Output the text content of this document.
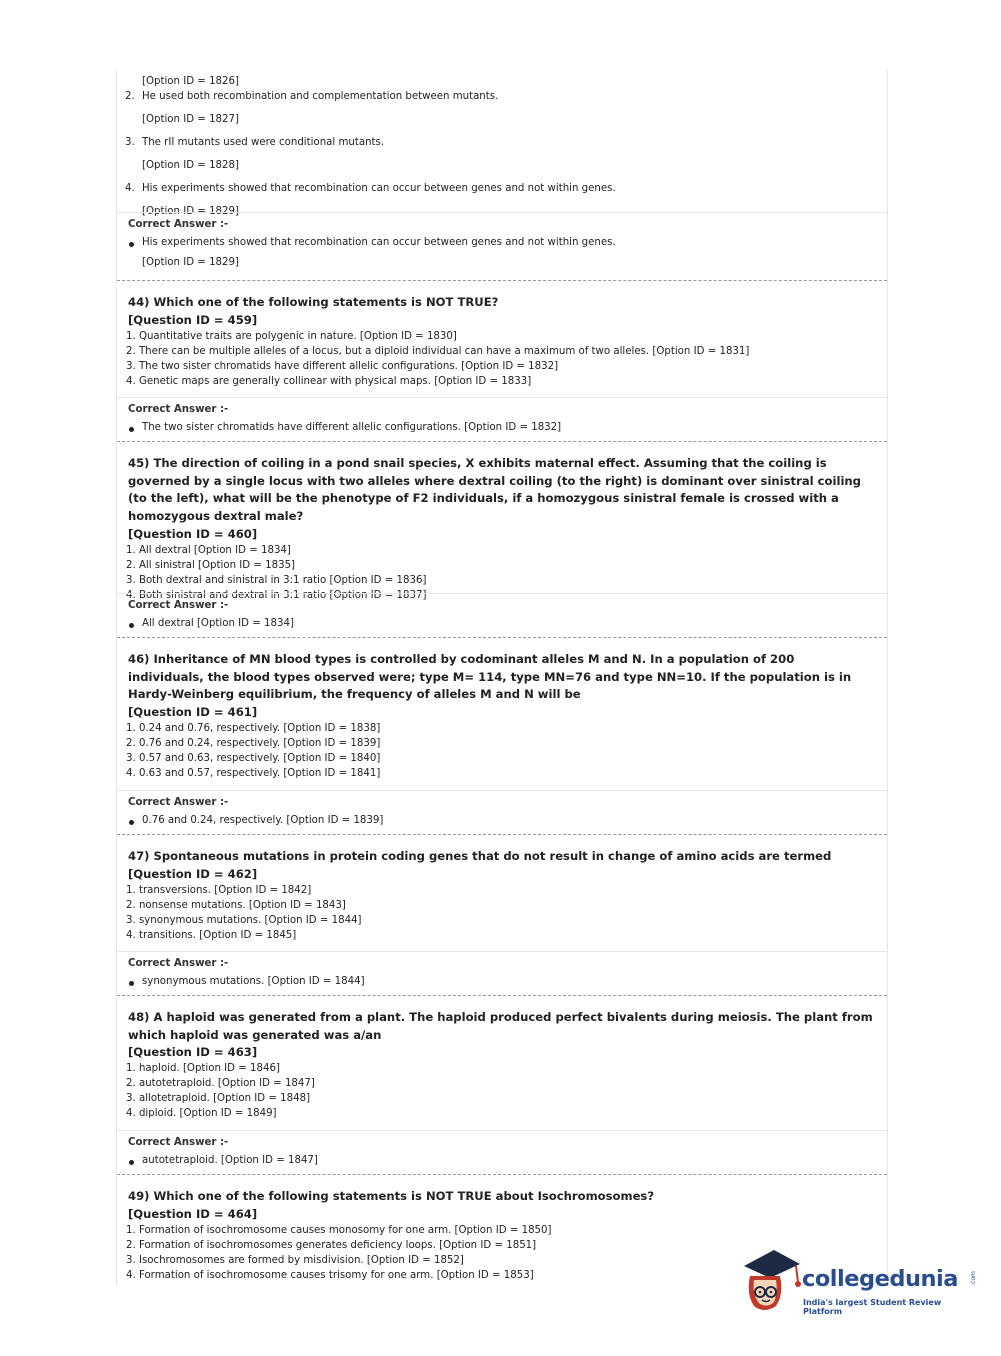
[Option ID = 1826]
2. He used both recombination and complementation between mutants.
[Option ID = 1827]
3. The rII mutants used were conditional mutants.
[Option ID = 1828]
4. His experiments showed that recombination can occur between genes and not within genes.
[Option ID = 1829]
Correct Answer :-
His experiments showed that recombination can occur between genes and not within genes.
[Option ID = 1829]
44) Which one of the following statements is NOT TRUE?
[Question ID = 459]
1. Quantitative traits are polygenic in nature. [Option ID = 1830]
2. There can be multiple alleles of a locus, but a diploid individual can have a maximum of two alleles. [Option ID = 1831]
3. The two sister chromatids have different allelic configurations. [Option ID = 1832]
4. Genetic maps are generally collinear with physical maps. [Option ID = 1833]
Correct Answer :-
The two sister chromatids have different allelic configurations. [Option ID = 1832]
45) The direction of coiling in a pond snail species, X exhibits maternal effect. Assuming that the coiling is governed by a single locus with two alleles where dextral coiling (to the right) is dominant over sinistral coiling (to the left), what will be the phenotype of F2 individuals, if a homozygous sinistral female is crossed with a homozygous dextral male?
[Question ID = 460]
1. All dextral [Option ID = 1834]
2. All sinistral [Option ID = 1835]
3. Both dextral and sinistral in 3:1 ratio [Option ID = 1836]
4. Both sinistral and dextral in 3:1 ratio [Option ID = 1837]
Correct Answer :-
All dextral [Option ID = 1834]
46) Inheritance of MN blood types is controlled by codominant alleles M and N. In a population of 200 individuals, the blood types observed were; type M= 114, type MN=76 and type NN=10. If the population is in Hardy-Weinberg equilibrium, the frequency of alleles M and N will be
[Question ID = 461]
1. 0.24 and 0.76, respectively. [Option ID = 1838]
2. 0.76 and 0.24, respectively. [Option ID = 1839]
3. 0.57 and 0.63, respectively. [Option ID = 1840]
4. 0.63 and 0.57, respectively. [Option ID = 1841]
Correct Answer :-
0.76 and 0.24, respectively. [Option ID = 1839]
47) Spontaneous mutations in protein coding genes that do not result in change of amino acids are termed
[Question ID = 462]
1. transversions. [Option ID = 1842]
2. nonsense mutations. [Option ID = 1843]
3. synonymous mutations. [Option ID = 1844]
4. transitions. [Option ID = 1845]
Correct Answer :-
synonymous mutations. [Option ID = 1844]
48) A haploid was generated from a plant. The haploid produced perfect bivalents during meiosis. The plant from which haploid was generated was a/an
[Question ID = 463]
1. haploid. [Option ID = 1846]
2. autotetraploid. [Option ID = 1847]
3. allotetraploid. [Option ID = 1848]
4. diploid. [Option ID = 1849]
Correct Answer :-
autotetraploid. [Option ID = 1847]
49) Which one of the following statements is NOT TRUE about Isochromosomes?
[Question ID = 464]
1. Formation of isochromosome causes monosomy for one arm. [Option ID = 1850]
2. Formation of isochromosomes generates deficiency loops. [Option ID = 1851]
3. Isochromosomes are formed by misdivision. [Option ID = 1852]
4. Formation of isochromosome causes trisomy for one arm. [Option ID = 1853]	collegedunia .com
India's largest Student Review Platform
